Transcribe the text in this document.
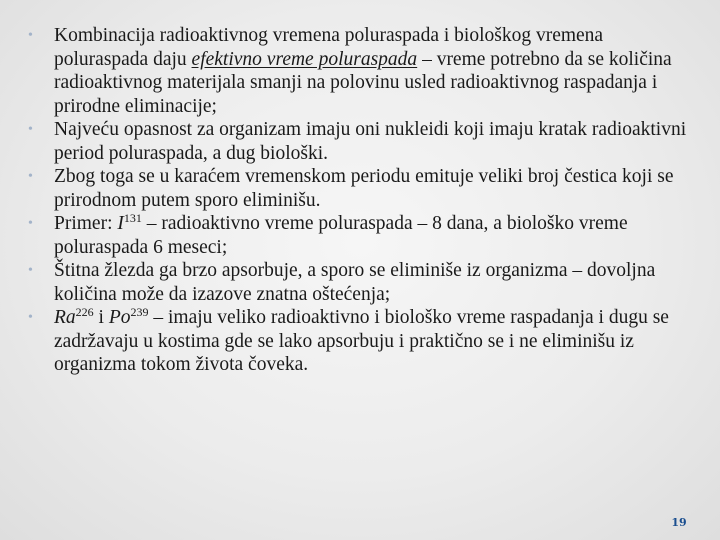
• Kombinacija radioaktivnog vremena poluraspada i biološkog vremena poluraspada daju efektivno vreme poluraspada – vreme potrebno da se količina radioaktivnog materijala smanji na polovinu usled radioaktivnog raspadanja i prirodne eliminacije;
• Najveću opasnost za organizam imaju oni nukleidi koji imaju kratak radioaktivni period poluraspada, a dug biološki.
• Zbog toga se u karaćem vremenskom periodu emituje veliki broj čestica koji se prirodnom putem sporo eliminišu.
• Primer: $I^{131}$ – radioaktivno vreme poluraspada – 8 dana, a biološko vreme poluraspada 6 meseci;
• Štitna žlezda ga brzo apsorbuje, a sporo se eliminiše iz organizma – dovoljna količina može da izazove znatna oštećenja;
• Ra$^{226}$ i Po$^{239}$ – imaju veliko radioaktivno i biološko vreme raspadanja i dugu se zadržavaju u kostima gde se lako apsorbuju i praktično se i ne eliminišu iz organizma tokom života čoveka.
19
